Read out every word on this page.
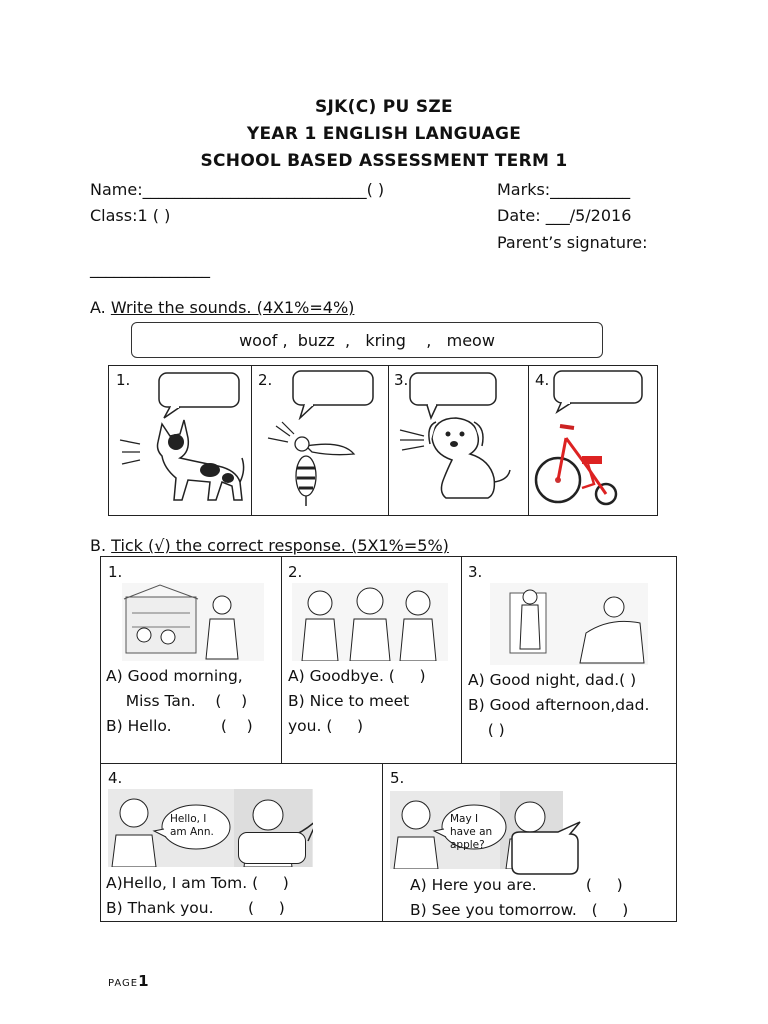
SJK(C) PU SZE
YEAR 1 ENGLISH LANGUAGE
SCHOOL BASED ASSESSMENT TERM 1
Name:____________________________( )	Marks:__________
Class:1 ( )	Date: ___/5/2016
Parent’s signature:
_______________
A. Write the sounds. (4X1%=4%)
woof ,  buzz  ,   kring    ,   meow
1.	2.	3.	4.
B. Tick (√) the correct response. (5X1%=5%)
1.
A) Good morning,
Miss Tan.    (    )
B) Hello.          (    )
2.
A) Goodbye. (     )
B) Nice to meet
you. (     )
3.
A) Good night, dad.( )
B) Good afternoon,dad.
( )
4.
Hello, I am Ann.
A)Hello, I am Tom. (     )
B) Thank you.       (     )
5.
May I have an apple?
A) Here you are.          (     )
B) See you tomorrow.   (     )
PAGE1
